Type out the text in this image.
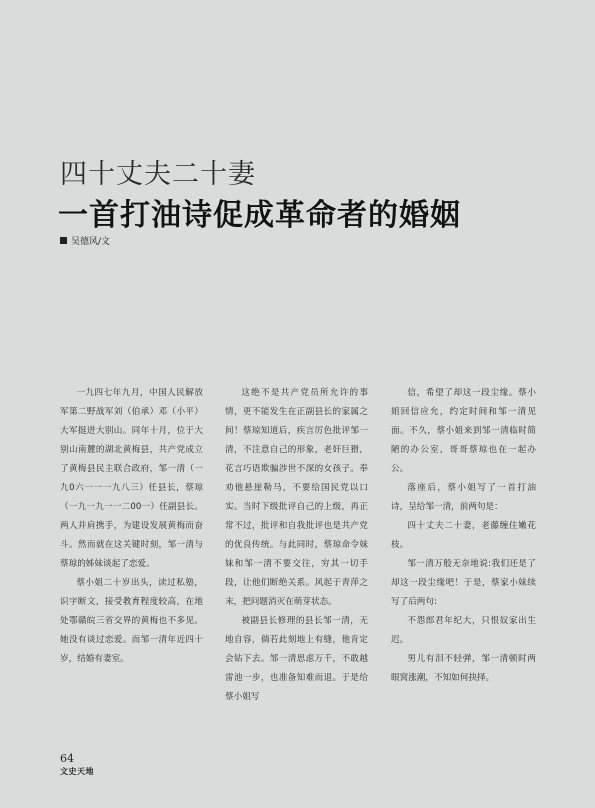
四十丈夫二十妻
一首打油诗促成革命者的婚姻
吴德风/文

一九四七年九月，中国人民解放军第二野战军刘（伯承）邓（小平）大军挺进大别山。同年十月，位于大别山南麓的湖北黄梅县，共产党成立了黄梅县民主联合政府，邹一清（一九0六一一一九八三）任县长，蔡琼（一九一九一一二00一）任副县长。两人并肩携手，为建设发展黄梅而奋斗。然而就在这关键时刻，邹一清与蔡琼的姊妹谈起了恋爱。

蔡小姐二十岁出头，读过私塾，识字断文，接受教育程度较高，在地处鄂赣皖三省交界的黄梅也不多见。她没有谈过恋爱。而邹一清年近四十岁，结婚有妻室。

这绝不是共产党员所允许的事情，更不能发生在正副县长的家属之间！蔡琼知道后，疾言厉色批评邹一清，不注意自己的形象，老奸巨猾，花言巧语欺骗涉世不深的女孩子。奉劝他悬崖勒马，不要给国民党以口实。当时下级批评自己的上级，再正常不过，批评和自我批评也是共产党的优良传统。与此同时，蔡琼命令妹妹和邹一清不要交往，穷其一切手段，让他们断绝关系。风起于青萍之末，把问题消灭在萌芽状态。

被副县长修理的县长邹一清，无地自容，倘若此刻地上有缝，他肯定会钻下去。邹一清思虑万千，不敢越雷池一步，也准备知难而退。于是给蔡小姐写

信，希望了却这一段尘缘。蔡小姐回信应允，约定时间和邹一清见面。不久，蔡小姐来到邹一清临时简陋的办公室，哥哥蔡琼也在一起办公。

落座后，蔡小姐写了一首打油诗，呈给邹一清，前两句是：

四十丈夫二十妻，老藤缠住嫩花枝。

邹一清万般无奈地说:我们还是了却这一段尘缘吧！于是，蔡家小妹续写了后两句:

不怨郎君年纪大，只恨奴家出生迟。

男儿有泪不轻弹，邹一清顿时两眼窝涨潮，不知如何抉择。

64
文史天地
